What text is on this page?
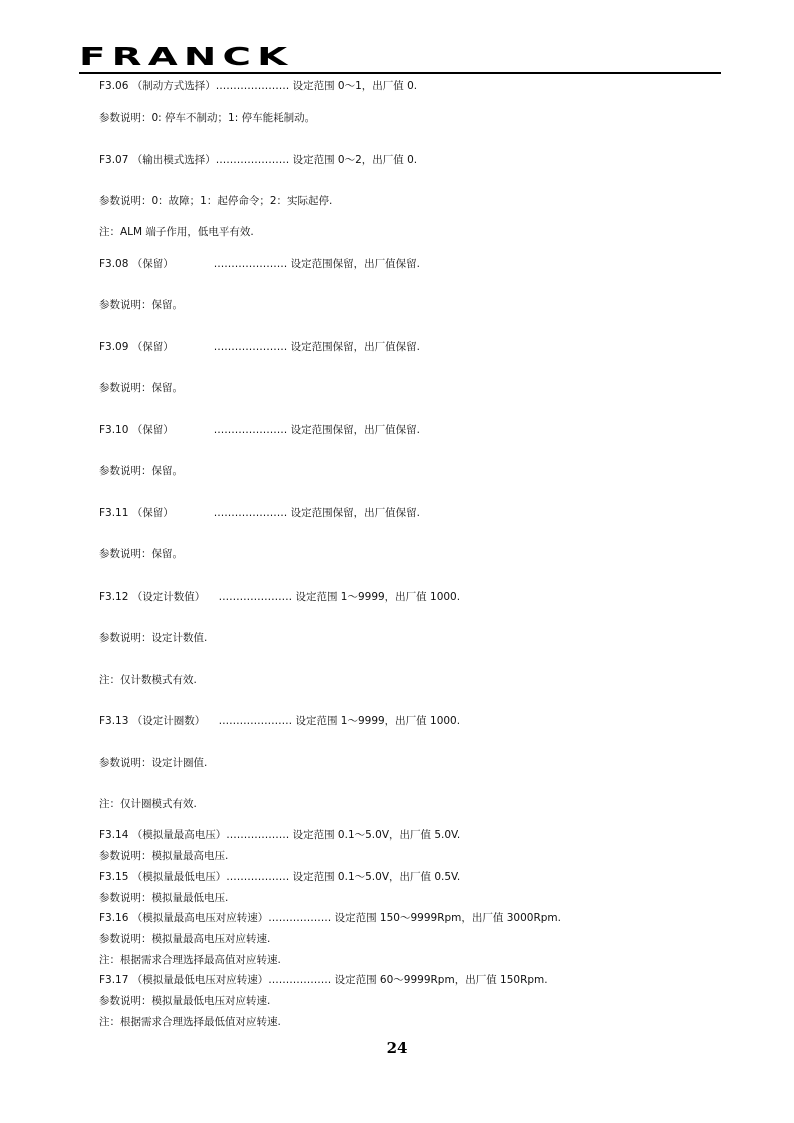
FRANCK
F3.06 （制动方式选择）………………… 设定范围 0～1，出厂值 0.
参数说明：0: 停车不制动；1: 停车能耗制动。
F3.07 （输出模式选择）………………… 设定范围 0～2，出厂值 0.
参数说明：0：故障；1：起停命令；2：实际起停.
注：ALM 端子作用，低电平有效.
F3.08 （保留）            ………………… 设定范围保留，出厂值保留.
参数说明：保留。
F3.09 （保留）            ………………… 设定范围保留，出厂值保留.
参数说明：保留。
F3.10 （保留）            ………………… 设定范围保留，出厂值保留.
参数说明：保留。
F3.11 （保留）            ………………… 设定范围保留，出厂值保留.
参数说明：保留。
F3.12 （设定计数值）    ………………… 设定范围 1～9999，出厂值 1000.
参数说明：设定计数值.
注：仅计数模式有效.
F3.13 （设定计圈数）    ………………… 设定范围 1～9999，出厂值 1000.
参数说明：设定计圈值.
注：仅计圈模式有效.
F3.14 （模拟量最高电压）……………… 设定范围 0.1～5.0V，出厂值 5.0V.
参数说明：模拟量最高电压.
F3.15 （模拟量最低电压）……………… 设定范围 0.1～5.0V，出厂值 0.5V.
参数说明：模拟量最低电压.
F3.16 （模拟量最高电压对应转速）……………… 设定范围 150～9999Rpm，出厂值 3000Rpm.
参数说明：模拟量最高电压对应转速.
注：根据需求合理选择最高值对应转速.
F3.17 （模拟量最低电压对应转速）……………… 设定范围 60～9999Rpm，出厂值 150Rpm.
参数说明：模拟量最低电压对应转速.
注：根据需求合理选择最低值对应转速.
24
